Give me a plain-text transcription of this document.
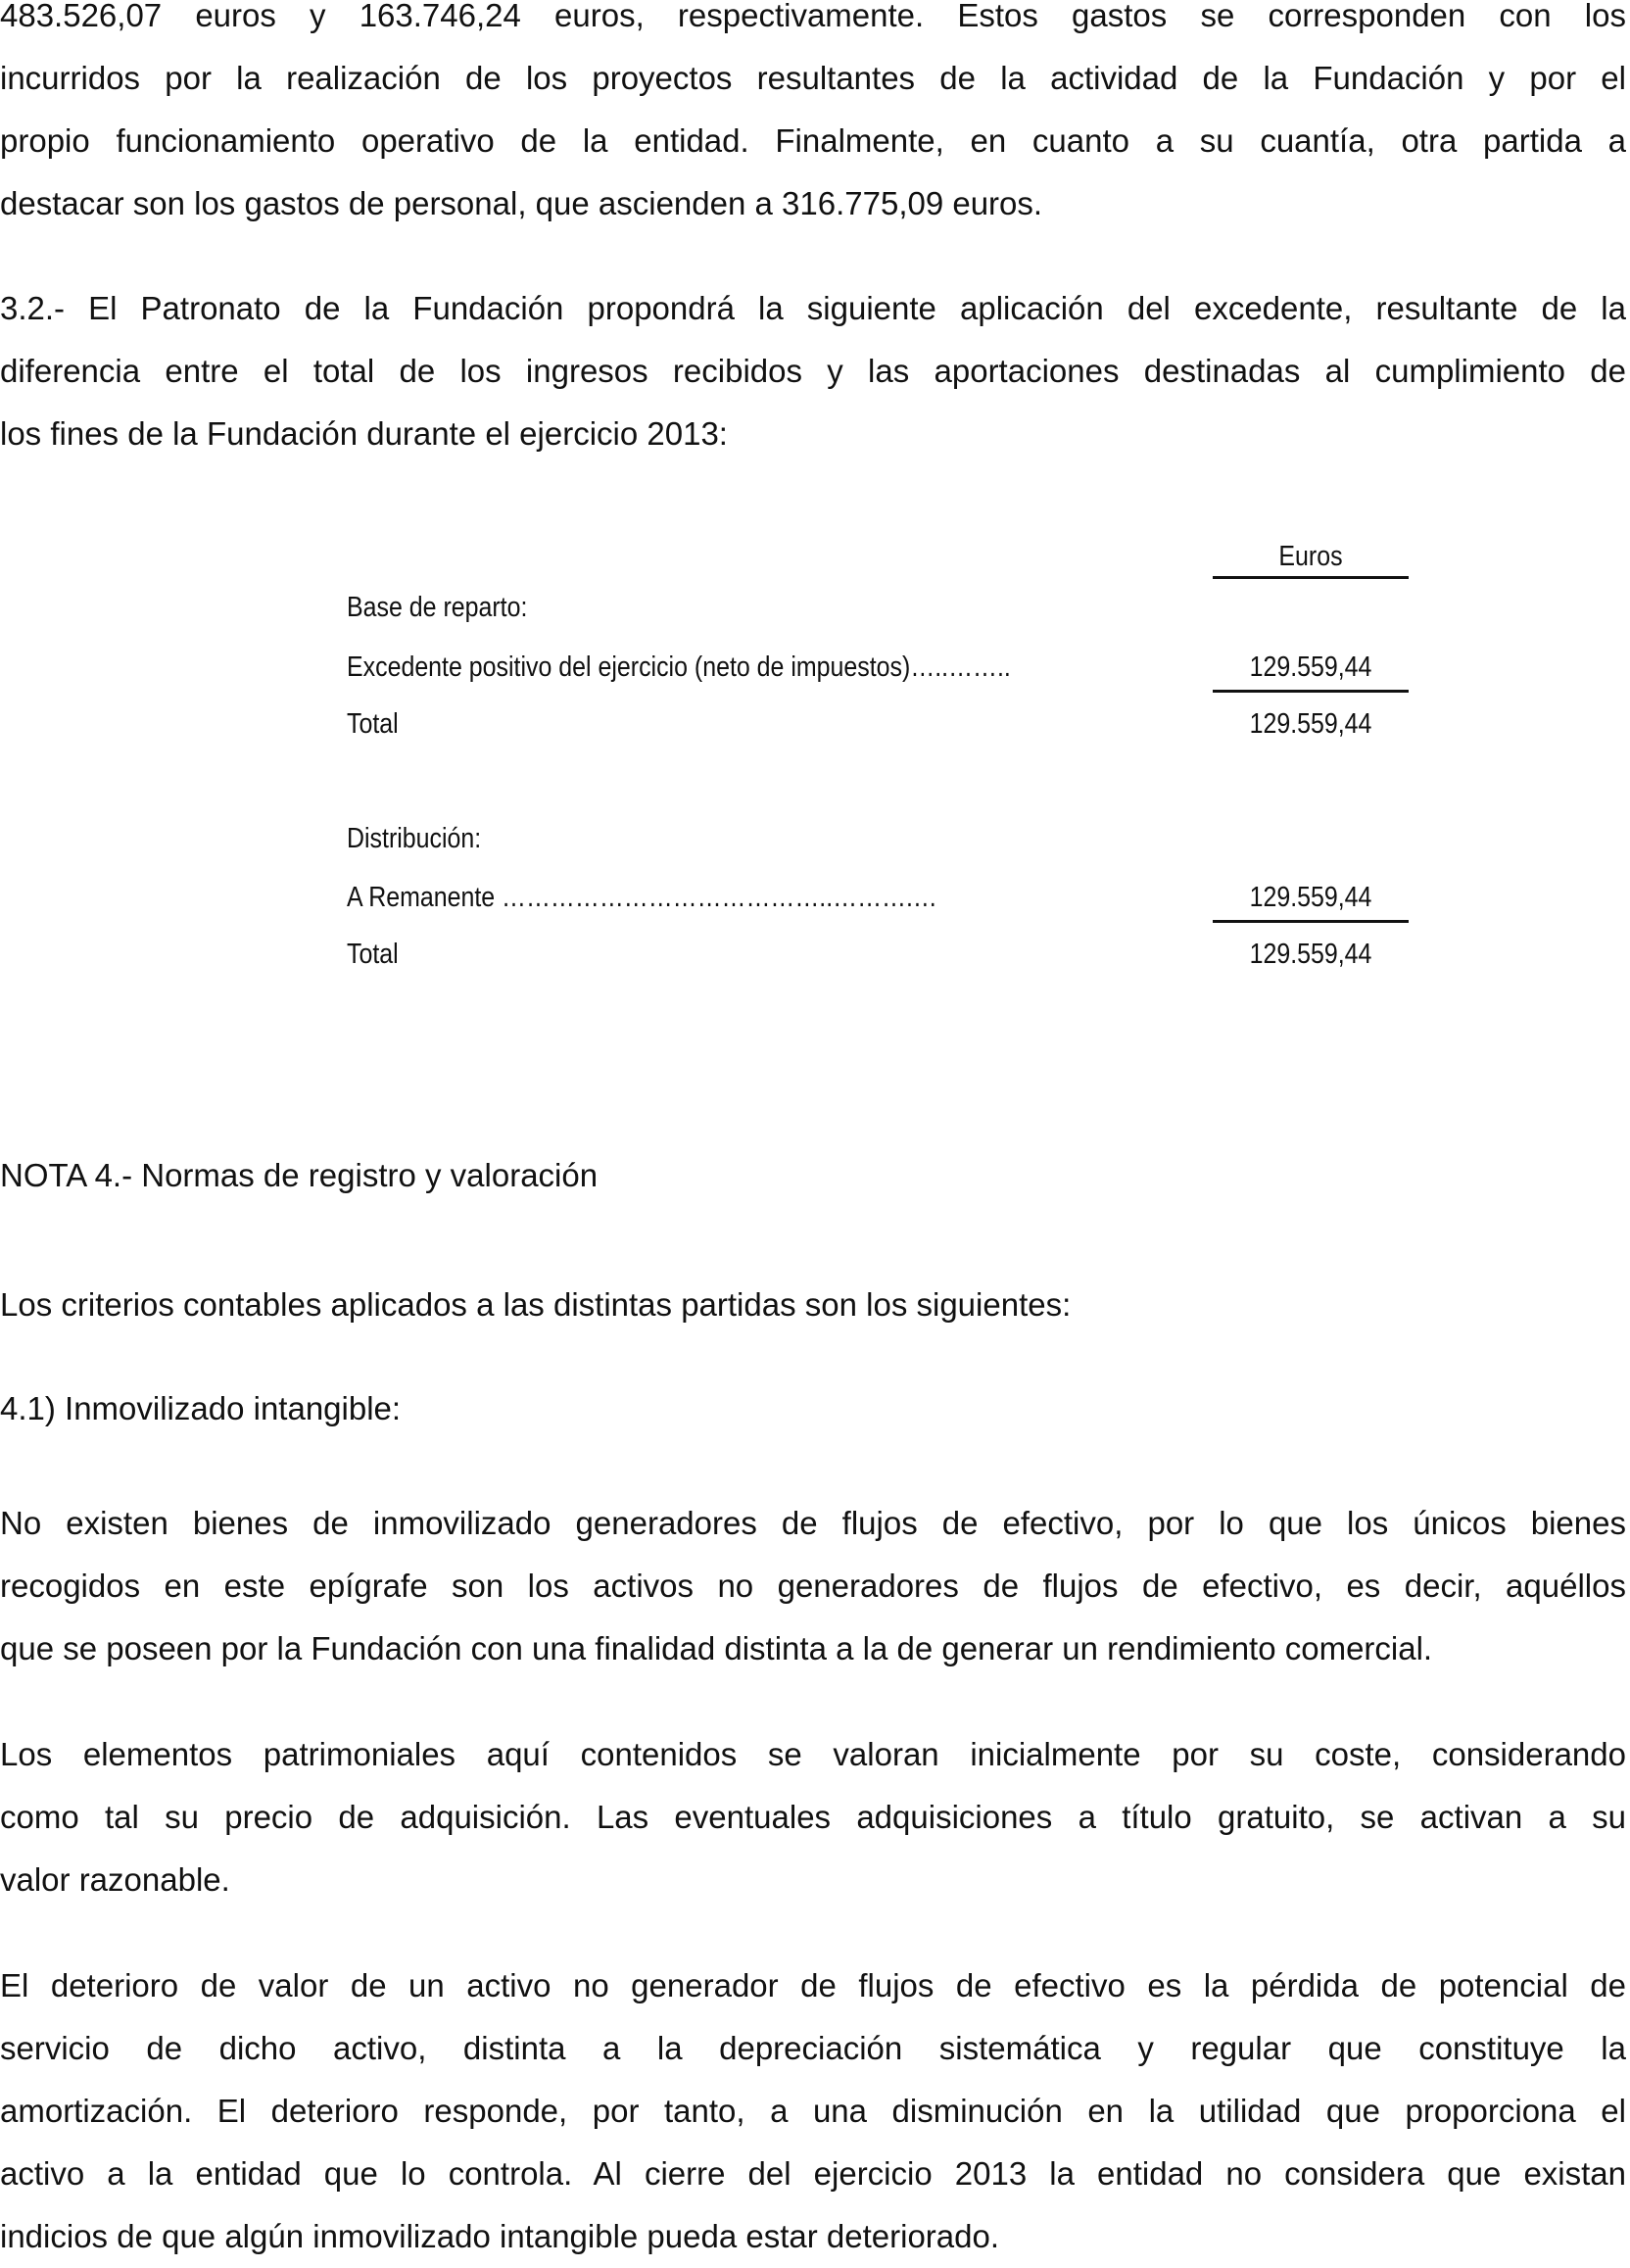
483.526,07 euros y 163.746,24 euros, respectivamente. Estos gastos se corresponden con los
incurridos por la realización de los proyectos resultantes de la actividad de la Fundación y por el
propio funcionamiento operativo de la entidad. Finalmente, en cuanto a su cuantía, otra partida a
destacar son los gastos de personal, que ascienden a 316.775,09 euros.
3.2.- El Patronato de la Fundación propondrá la siguiente aplicación del excedente, resultante de la
diferencia entre el total de los ingresos recibidos y las aportaciones destinadas al cumplimiento de
los fines de la Fundación durante el ejercicio 2013:
Euros
Base de reparto:
Excedente positivo del ejercicio (neto de impuestos)…..……..	129.559,44
Total	129.559,44
Distribución:
A Remanente …………………………………..……….…	129.559,44
Total	129.559,44
NOTA 4.- Normas de registro y valoración
Los criterios contables aplicados a las distintas partidas son los siguientes:
4.1) Inmovilizado intangible:
No existen bienes de inmovilizado generadores de flujos de efectivo, por lo que los únicos bienes
recogidos en este epígrafe son los activos no generadores de flujos de efectivo, es decir, aquéllos
que se poseen por la Fundación con una finalidad distinta a la de generar un rendimiento comercial.
Los elementos patrimoniales aquí contenidos se valoran inicialmente por su coste, considerando
como tal su precio de adquisición. Las eventuales adquisiciones a título gratuito, se activan a su
valor razonable.
El deterioro de valor de un activo no generador de flujos de efectivo es la pérdida de potencial de
servicio de dicho activo, distinta a la depreciación sistemática y regular que constituye la
amortización. El deterioro responde, por tanto, a una disminución en la utilidad que proporciona el
activo a la entidad que lo controla. Al cierre del ejercicio 2013 la entidad no considera que existan
indicios de que algún inmovilizado intangible pueda estar deteriorado.
